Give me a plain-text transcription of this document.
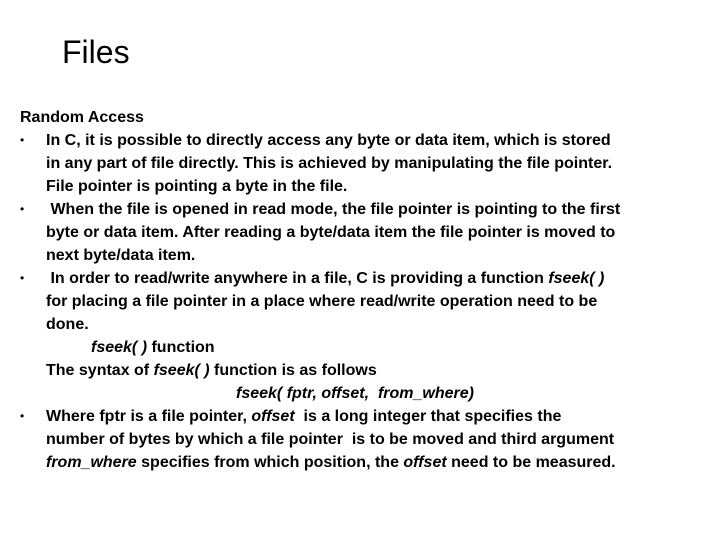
Files

Random Access

•	In C, it is possible to directly access any byte or data item, which is stored
in any part of file directly. This is achieved by manipulating the file pointer.
File pointer is pointing a byte in the file.
•	When the file is opened in read mode, the file pointer is pointing to the first
byte or data item. After reading a byte/data item the file pointer is moved to
next byte/data item.
•	In order to read/write anywhere in a file, C is providing a function fseek( )
for placing a file pointer in a place where read/write operation need to be
done.
fseek( ) function
The syntax of fseek( ) function is as follows
fseek( fptr, offset,  from_where)
•	Where fptr is a file pointer, offset  is a long integer that specifies the
number of bytes by which a file pointer  is to be moved and third argument
from_where specifies from which position, the offset need to be measured.
